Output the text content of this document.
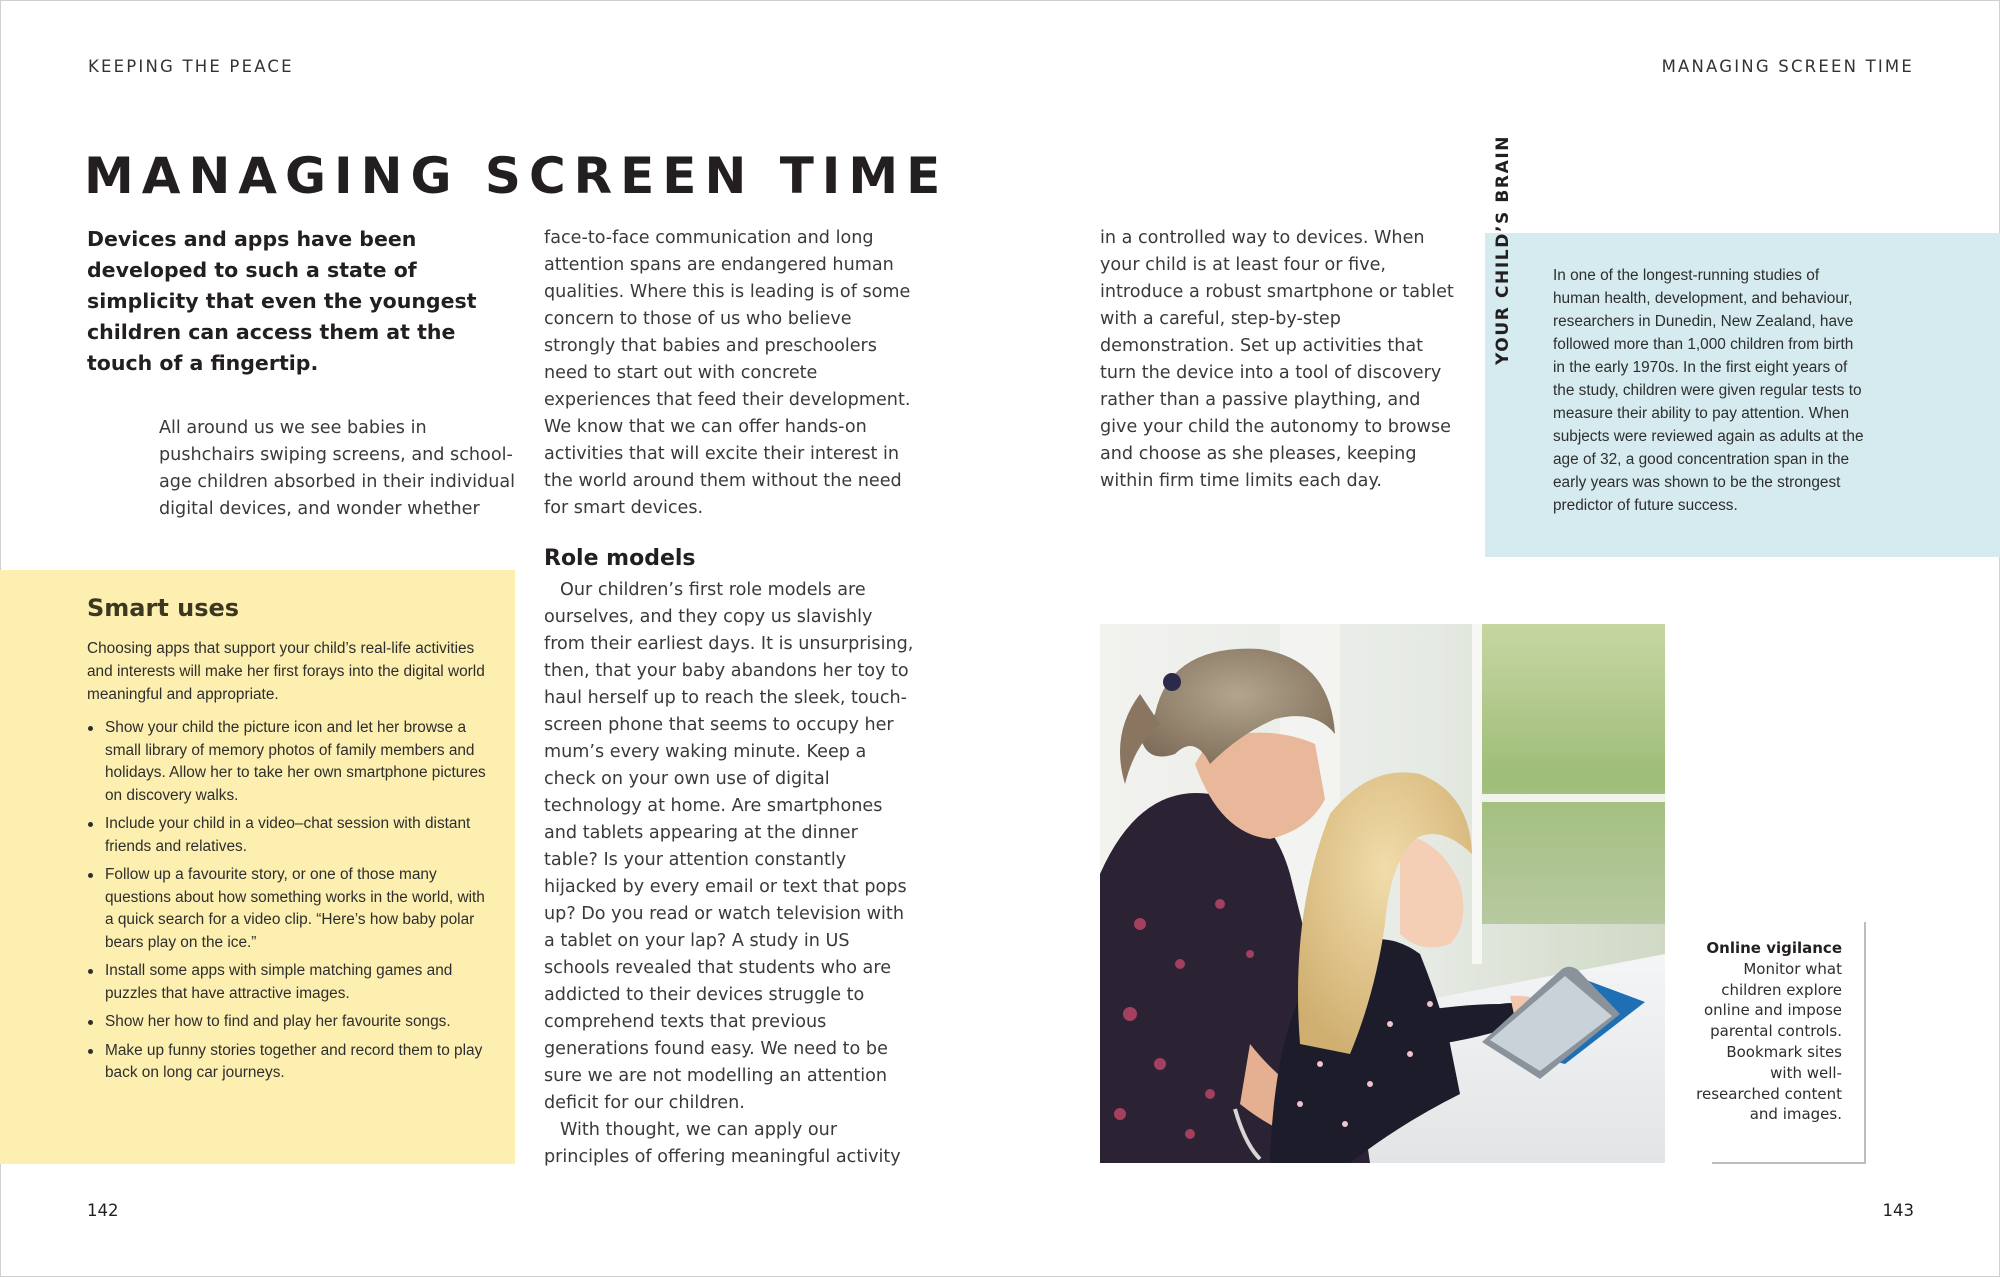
KEEPING THE PEACE	MANAGING SCREEN TIME
MANAGING SCREEN TIME

Devices and apps have been developed to such a state of simplicity that even the youngest children can access them at the touch of a fingertip.

All around us we see babies in pushchairs swiping screens, and school-age children absorbed in their individual digital devices, and wonder whether

face-to-face communication and long attention spans are endangered human qualities. Where this is leading is of some concern to those of us who believe strongly that babies and preschoolers need to start out with concrete experiences that feed their development. We know that we can offer hands-on activities that will excite their interest in the world around them without the need for smart devices.

Role models

Our children’s first role models are ourselves, and they copy us slavishly from their earliest days. It is unsurprising, then, that your baby abandons her toy to haul herself up to reach the sleek, touch-screen phone that seems to occupy her mum’s every waking minute. Keep a check on your own use of digital technology at home. Are smartphones and tablets appearing at the dinner table? Is your attention constantly hijacked by every email or text that pops up? Do you read or watch television with a tablet on your lap? A study in US schools revealed that students who are addicted to their devices struggle to comprehend texts that previous generations found easy. We need to be sure we are not modelling an attention deficit for our children.

With thought, we can apply our principles of offering meaningful activity

in a controlled way to devices. When your child is at least four or five, introduce a robust smartphone or tablet with a careful, step-by-step demonstration. Set up activities that turn the device into a tool of discovery rather than a passive plaything, and give your child the autonomy to browse and choose as she pleases, keeping within firm time limits each day.

Smart uses

Choosing apps that support your child’s real-life activities and interests will make her first forays into the digital world meaningful and appropriate.

Show your child the picture icon and let her browse a small library of memory photos of family members and holidays. Allow her to take her own smartphone pictures on discovery walks.
Include your child in a video–chat session with distant friends and relatives.
Follow up a favourite story, or one of those many questions about how something works in the world, with a quick search for a video clip. “Here’s how baby polar bears play on the ice.”
Install some apps with simple matching games and puzzles that have attractive images.
Show her how to find and play her favourite songs.
Make up funny stories together and record them to play back on long car journeys.
YOUR CHILD’S BRAIN	In one of the longest-running studies of human health, development, and behaviour, researchers in Dunedin, New Zealand, have followed more than 1,000 children from birth in the early 1970s. In the first eight years of the study, children were given regular tests to measure their ability to pay attention. When subjects were reviewed again as adults at the age of 32, a good concentration span in the early years was shown to be the strongest predictor of future success.

Online vigilance
Monitor what children explore online and impose parental controls. Bookmark sites with well-researched content and images.
142	143
